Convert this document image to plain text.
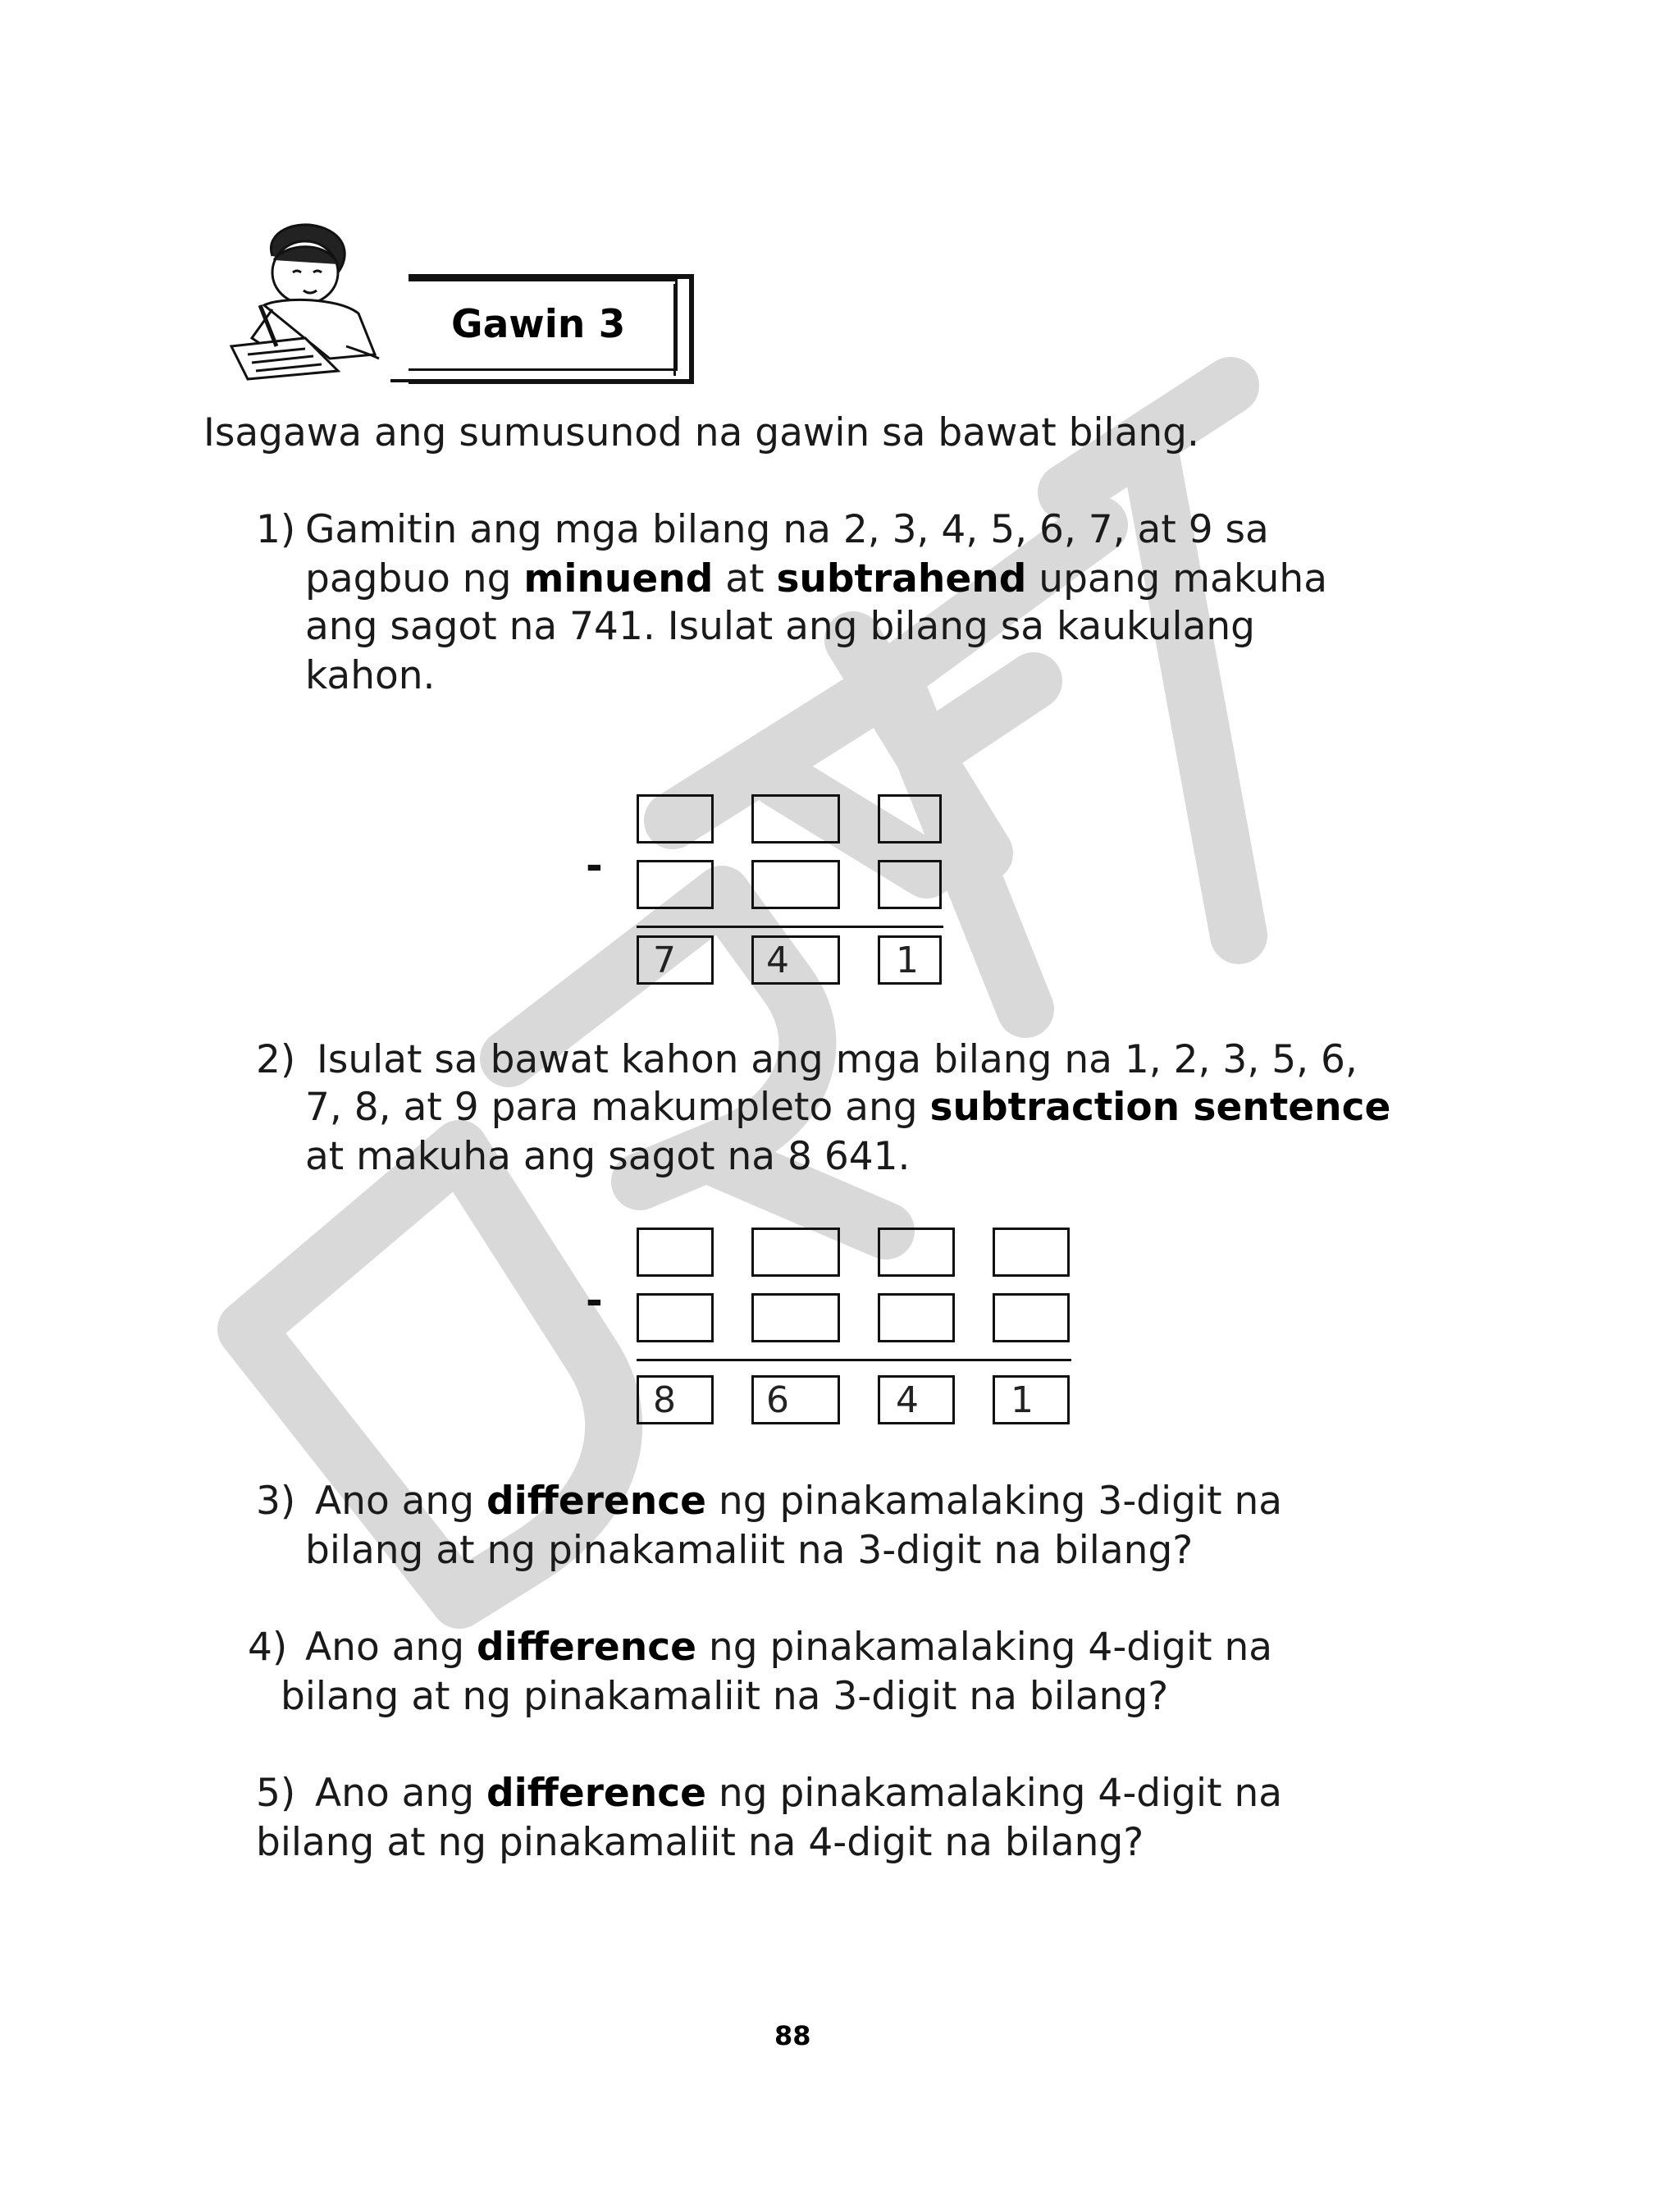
Gawin 3
Isagawa ang sumusunod na gawin sa bawat bilang.
1) Gamitin ang mga bilang na 2, 3, 4, 5, 6, 7, at 9 sa
pagbuo ng minuend at subtrahend upang makuha
ang sagot na 741. Isulat ang bilang sa kaukulang
kahon.
-
7	4	1
2) Isulat sa bawat kahon ang mga bilang na 1, 2, 3, 5, 6,
7, 8, at 9 para makumpleto ang subtraction sentence
at makuha ang sagot na 8 641.
-
8	6	4	1
3) Ano ang difference ng pinakamalaking 3-digit na
bilang at ng pinakamaliit na 3-digit na bilang?
4) Ano ang difference ng pinakamalaking 4-digit na
bilang at ng pinakamaliit na 3-digit na bilang?
5) Ano ang difference ng pinakamalaking 4-digit na
bilang at ng pinakamaliit na 4-digit na bilang?
88
